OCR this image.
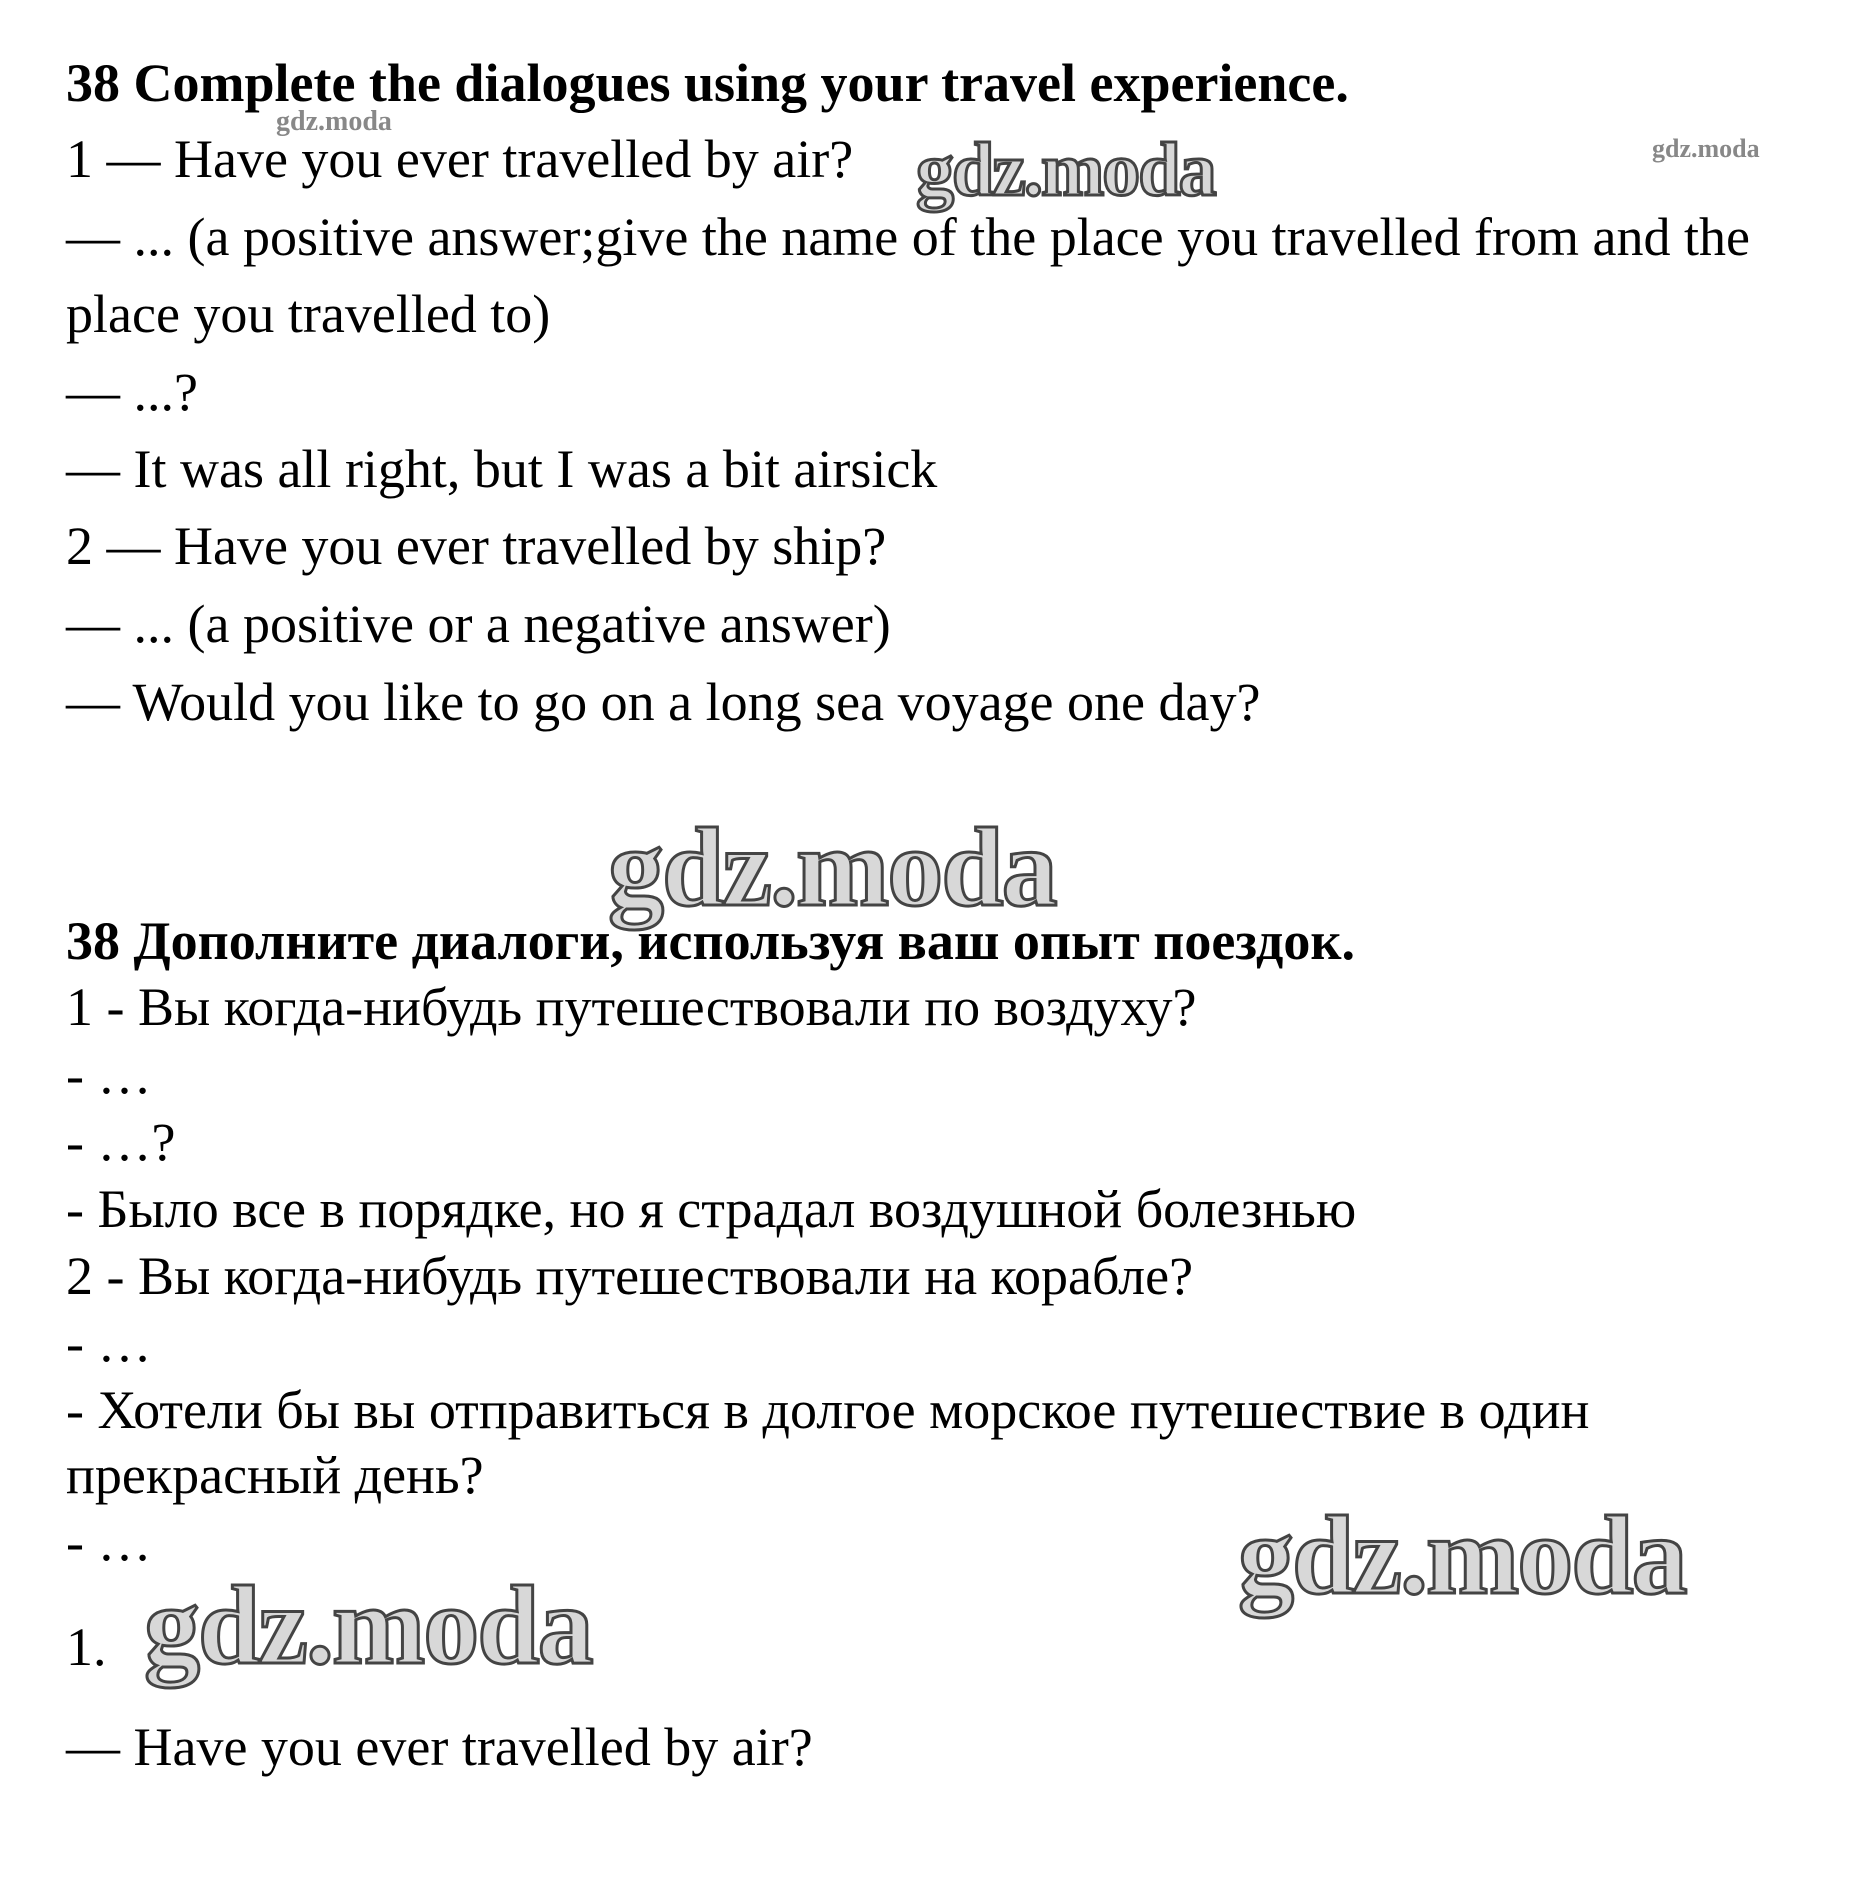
38 Complete the dialogues using your travel experience.
1 — Have you ever travelled by air?
— ... (a positive answer;give the name of the place you travelled from and the
place you travelled to)
— ...?
— It was all right, but I was a bit airsick
2 — Have you ever travelled by ship?
— ... (a positive or a negative answer)
— Would you like to go on a long sea voyage one day?
38 Дополните диалоги, используя ваш опыт поездок.
1 - Вы когда-нибудь путешествовали по воздуху?
- …
- …?
- Было все в порядке, но я страдал воздушной болезнью
2 - Вы когда-нибудь путешествовали на корабле?
- …
- Хотели бы вы отправиться в долгое морское путешествие в один
прекрасный день?
- …
1.
— Have you ever travelled by air?
gdz.moda
gdz.moda	gdz.moda
gdz.moda
gdz.moda
gdz.moda
